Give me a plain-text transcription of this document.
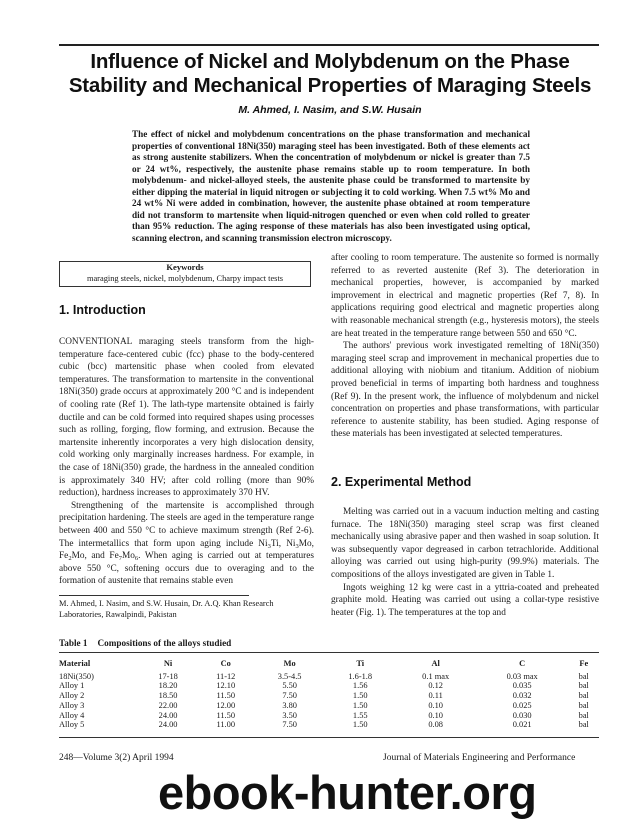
Influence of Nickel and Molybdenum on the Phase
Stability and Mechanical Properties of Maraging Steels
M. Ahmed, I. Nasim, and S.W. Husain
The effect of nickel and molybdenum concentrations on the phase transformation and mechanical properties of conventional 18Ni(350) maraging steel has been investigated. Both of these elements act as strong austenite stabilizers. When the concentration of molybdenum or nickel is greater than 7.5 or 24 wt%, respectively, the austenite phase remains stable up to room temperature. In both molybdenum- and nickel-alloyed steels, the austenite phase could be transformed to martensite by either dipping the material in liquid nitrogen or subjecting it to cold working. When 7.5 wt% Mo and 24 wt% Ni were added in combination, however, the austenite phase obtained at room temperature did not transform to martensite when liquid-nitrogen quenched or even when cold rolled to greater than 95% reduction. The aging response of these materials has also been investigated using optical, scanning electron, and scanning transmission electron microscopy.
Keywords
maraging steels, nickel, molybdenum, Charpy impact tests
1. Introduction

CONVENTIONAL maraging steels transform from the high-temperature face-centered cubic (fcc) phase to the body-centered cubic (bcc) martensitic phase when cooled from elevated temperatures. The transformation to martensite in the conventional 18Ni(350) grade occurs at approximately 200 °C and is independent of cooling rate (Ref 1). The lath-type martensite obtained is fairly ductile and can be cold formed into required shapes using processes such as rolling, forging, flow forming, and extrusion. Because the martensite inherently incorporates a very high dislocation density, cold working only marginally increases hardness. For example, in the case of 18Ni(350) grade, the hardness in the annealed condition is approximately 340 HV; after cold rolling (more than 90% reduction), hardness increases to approximately 370 HV.

Strengthening of the martensite is accomplished through precipitation hardening. The steels are aged in the temperature range between 400 and 550 °C to achieve maximum strength (Ref 2-6). The intermetallics that form upon aging include $Ni_3Ti$, $Ni_3Mo$, $Fe_2Mo$, and $Fe_7Mo_6$. When aging is carried out at temperatures above 550 °C, softening occurs due to overaging and to the formation of austenite that remains stable even

M. Ahmed, I. Nasim, and S.W. Husain, Dr. A.Q. Khan Research Laboratories, Rawalpindi, Pakistan

after cooling to room temperature. The austenite so formed is normally referred to as reverted austenite (Ref 3). The deterioration in mechanical properties, however, is accompanied by marked improvement in electrical and magnetic properties (Ref 7, 8). In applications requiring good electrical and magnetic properties along with reasonable mechanical strength (e.g., hysteresis motors), the steels are heat treated in the temperature range between 550 and 650 °C.

The authors' previous work investigated remelting of 18Ni(350) maraging steel scrap and improvement in mechanical properties due to additional alloying with niobium and titanium. Addition of niobium proved beneficial in terms of imparting both hardness and toughness (Ref 9). In the present work, the influence of molybdenum and nickel concentration on properties and phase transformations, with particular reference to austenite stability, has been studied. Aging response of these materials has been investigated at selected temperatures.

2. Experimental Method

Melting was carried out in a vacuum induction melting and casting furnace. The 18Ni(350) maraging steel scrap was first cleaned mechanically using abrasive paper and then washed in soap solution. It was subsequently vapor degreased in carbon tetrachloride. Additional alloying was carried out using high-purity (99.9%) materials. The compositions of the alloys investigated are given in Table 1.

Ingots weighing 12 kg were cast in a yttria-coated and preheated graphite mold. Heating was carried out using a collar-type resistive heater (Fig. 1). The temperatures at the top and

Table 1 Compositions of the alloys studied
Material	Ni	Co	Mo	Ti	Al	C	Fe
18Ni(350)	17-18	11-12	3.5-4.5	1.6-1.8	0.1 max	0.03 max	bal
Alloy 1	18.20	12.10	5.50	1.56	0.12	0.035	bal
Alloy 2	18.50	11.50	7.50	1.50	0.11	0.032	bal
Alloy 3	22.00	12.00	3.80	1.50	0.10	0.025	bal
Alloy 4	24.00	11.50	3.50	1.55	0.10	0.030	bal
Alloy 5	24.00	11.00	7.50	1.50	0.08	0.021	bal
248—Volume 3(2) April 1994	Journal of Materials Engineering and Performance
ebook-hunter.org
